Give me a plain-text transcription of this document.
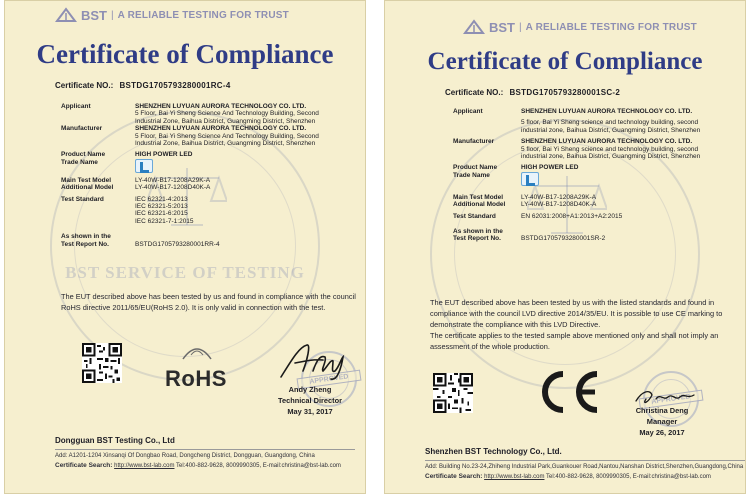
BST SERVICE OF TESTING
BST | A RELIABLE TESTING FOR TRUST
Certificate of Compliance
Certificate NO.: BSTDG1705793280001RC-4
Applicant	SHENZHEN LUYUAN AURORA TECHNOLOGY CO. LTD.
5 Floor, Bai Yi Sheng Science And Technology Building, Second
Industrial Zone, Baihua District, Guangming District, Shenzhen
Manufacturer	SHENZHEN LUYUAN AURORA TECHNOLOGY CO. LTD.
5 Floor, Bai Yi Sheng Science And Technology Building, Second
Industrial Zone, Baihua District, Guangming District, Shenzhen
Product Name	HIGH POWER LED
Trade Name
Main Test Model	LY-40W-B17-1208A29K-A
Additional Model	LY-40W-B17-1208D40K-A
Test Standard	IEC 62321-4:2013
IEC 62321-5:2013
IEC 62321-6:2015
IEC 62321-7-1:2015
As shown in the
Test Report No.	BSTDG1705793280001RR-4
The EUT described above has been tested by us and found in compliance with the council RoHS directive 2011/65/EU(RoHS 2.0). It is only valid in connection with the test.
RoHS	APPROVED
Andy Zheng
Technical Director
May 31, 2017
Dongguan BST Testing Co., Ltd
Add: A1201-1204 Xinsanqi Of Dongbao Road, Dongcheng District, Dongguan, Guangdong, China
Certificate Search: http://www.bst-lab.com Tel:400-882-9628, 8009990305, E-mail:christina@bst-lab.com
BST | A RELIABLE TESTING FOR TRUST
Certificate of Compliance
Certificate NO.: BSTDG1705793280001SC-2
Applicant	SHENZHEN LUYUAN AURORA TECHNOLOGY CO. LTD.
5 floor, Bai Yi Sheng science and technology building, second
industrial zone, Baihua District, Guangming District, Shenzhen
Manufacturer	SHENZHEN LUYUAN AURORA TECHNOLOGY CO. LTD.
5 floor, Bai Yi Sheng science and technology building, second
industrial zone, Baihua District, Guangming District, Shenzhen
Product Name	HIGH POWER LED
Trade Name
Main Test Model	LY-40W-B17-1208A29K-A
Additional Model	LY-40W-B17-1208D40K-A
Test Standard	EN 62031:2008+A1:2013+A2:2015
As shown in the
Test Report No.	BSTDG1705793280001SR-2
The EUT described above has been tested by us with the listed standards and found in compliance with the council LVD directive 2014/35/EU. It is possible to use CE marking to demonstrate the compliance with this LVD Directive.
The certificate applies to the tested sample above mentioned only and shall not imply an assessment of the whole production.
APPROVED
Christina Deng
Manager
May 26, 2017
Shenzhen BST Technology Co., Ltd.
Add: Building No.23-24,Zhiheng Industrial Park,Guankouer Road,Nantou,Nanshan District,Shenzhen,Guangdong,China
Certificate Search: http://www.bst-lab.com Tel:400-882-9628, 8009990305, E-mail:christina@bst-lab.com
